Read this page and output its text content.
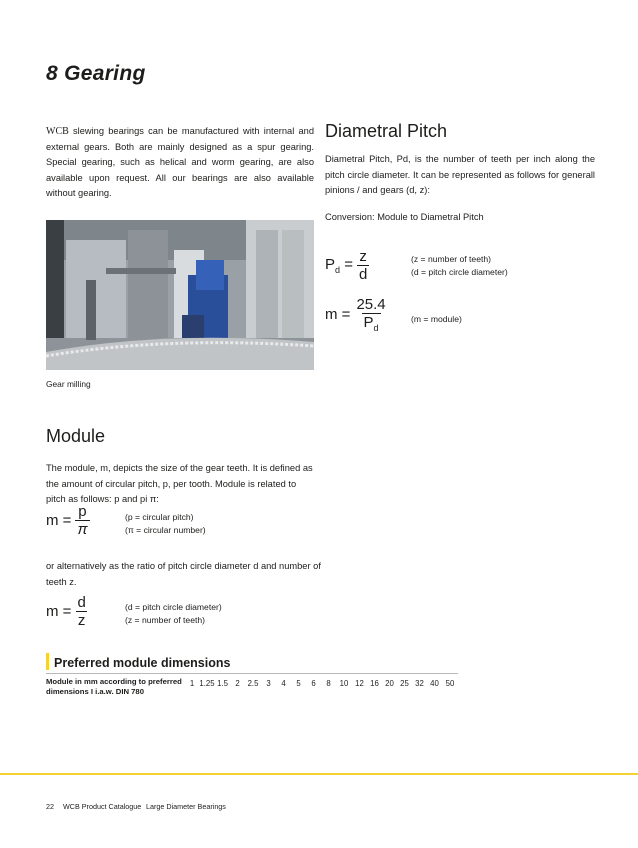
8 Gearing
WCB slewing bearings can be manufactured with internal and external gears. Both are mainly designed as a spur gearing. Special gearing, such as helical and worm gearing, are also available upon request. All our bearings are also available without gearing.
Gear milling
Module
The module, m, depicts the size of the gear teeth. It is defined as the amount of circular pitch, p, per tooth. Module is related to pitch as follows: p and pi π:
$m = \frac{p}{\pi}$	(p = circular pitch)
(π = circular number)
or alternatively as the ratio of pitch circle diameter d and number of teeth z.
$m = \frac{d}{z}$	(d = pitch circle diameter)
(z = number of teeth)
Diametral Pitch
Diametral Pitch, Pd, is the number of teeth per inch along the pitch circle diameter. It can be represented as follows for generall pinions / and gears (d, z):
Conversion: Module to Diametral Pitch
$P_d = \frac{z}{d}$	(z = number of teeth)
(d = pitch circle diameter)
$m = \frac{25.4}{P_d}$	(m = module)
Preferred module dimensions
Module in mm according to preferred
dimensions I i.a.w. DIN 780
1 1.25 1.5 2	2.5	3	4	5	6	8	10 12 16 20 25 32 40 50
22 WCB Product Catalogue Large Diameter Bearings
